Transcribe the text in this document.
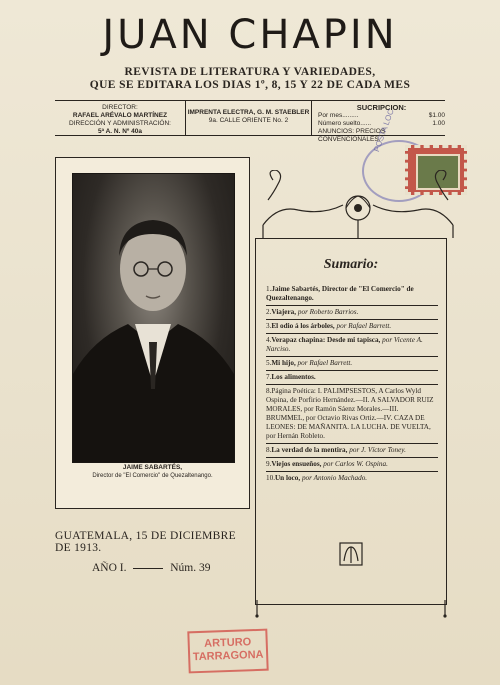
JUAN CHAPIN
REVISTA DE LITERATURA Y VARIEDADES,
QUE SE EDITARA LOS DIAS 1º, 8, 15 Y 22 DE CADA MES
DIRECTOR:
RAFAEL ARÉVALO MARTÍNEZ
DIRECCIÓN Y ADMINISTRACIÓN:
5ª A. N. Nº 40a
IMPRENTA ELECTRA, G. M. STAEBLER
9a. CALLE ORIENTE No. 2
SUCRIPCION:
Por mes.........	$1.00
Número suelto......	1.00
ANUNCIOS: PRECIOS CONVENCIONALES.
POSTA LOC
JAIME SABARTÉS,
Director de "El Comercio" de Quezaltenango.
GUATEMALA, 15 DE DICIEMBRE DE 1913.
AÑO I.	Núm. 39
Sumario:
1.Jaime Sabartés, Director de "El Comercio" de Quezaltenango.
2.Viajera, por Roberto Barrios.
3.El odio á los árboles, por Rafael Barrett.
4.Verapaz chapina: Desde mi tapisca, por Vicente A. Narciso.
5.Mi hijo, por Rafael Barrett.
7.Los alimentos.
8.Página Poética: I. PALIMPSESTOS, A Carlos Wyld Ospina, de Porfirio Hernández.—II. A SALVADOR RUIZ MORALES, por Ramón Sáenz Morales.—III. BRUMMEL, por Octavio Rivas Ortiz.—IV. CAZA DE LEONES: DE MAÑANITA. LA LUCHA. DE VUELTA, por Hernán Robleto.
8.La verdad de la mentira, por J. Víctor Toney.
9.Viejos ensueños, por Carlos W. Ospina.
10.Un loco, por Antonio Machado.
ARTURO
TARRAGONA
